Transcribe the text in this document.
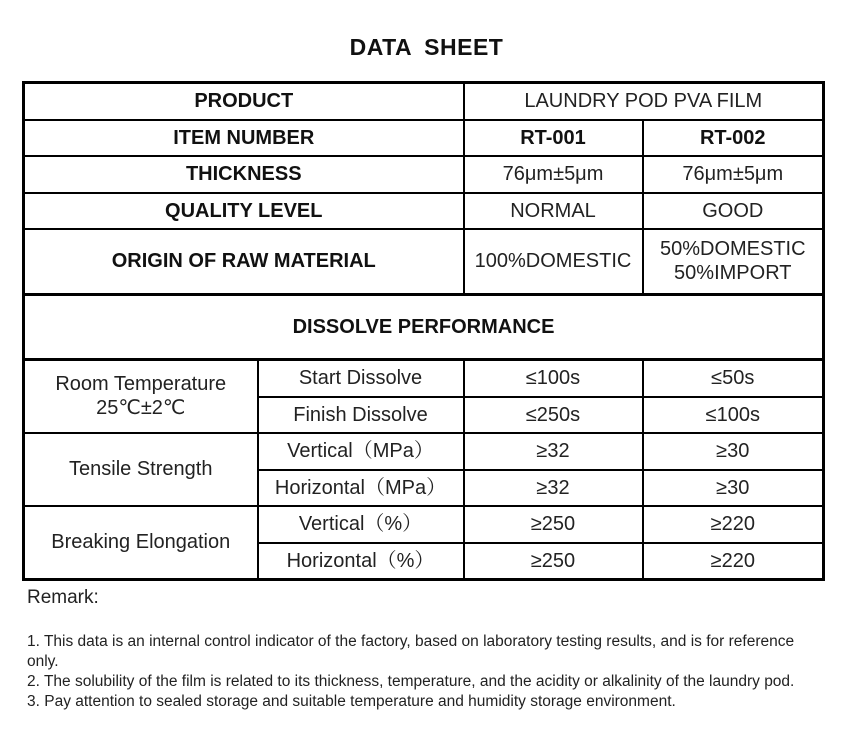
DATA SHEET
PRODUCT		LAUNDRY POD PVA FILM	
ITEM NUMBER		RT-001	RT-002
THICKNESS		76μm±5μm	76μm±5μm
QUALITY LEVEL		NORMAL	GOOD
ORIGIN OF RAW MATERIAL		100%DOMESTIC	50%DOMESTIC
50%IMPORT

DISSOLVE PERFORMANCE			

Room Temperature
25℃±2℃	Start Dissolve	≤100s	≤50s
	Finish Dissolve	≤250s	≤100s
Tensile Strength	Vertical（MPa）	≥32	≥30
	Horizontal（MPa）	≥32	≥30
Breaking Elongation	Vertical（%）	≥250	≥220
	Horizontal（%）	≥250	≥220
Remark:
1. This data is an internal control indicator of the factory, based on laboratory testing results, and is for reference only.
2. The solubility of the film is related to its thickness, temperature, and the acidity or alkalinity of the laundry pod.
3. Pay attention to sealed storage and suitable temperature and humidity storage environment.
